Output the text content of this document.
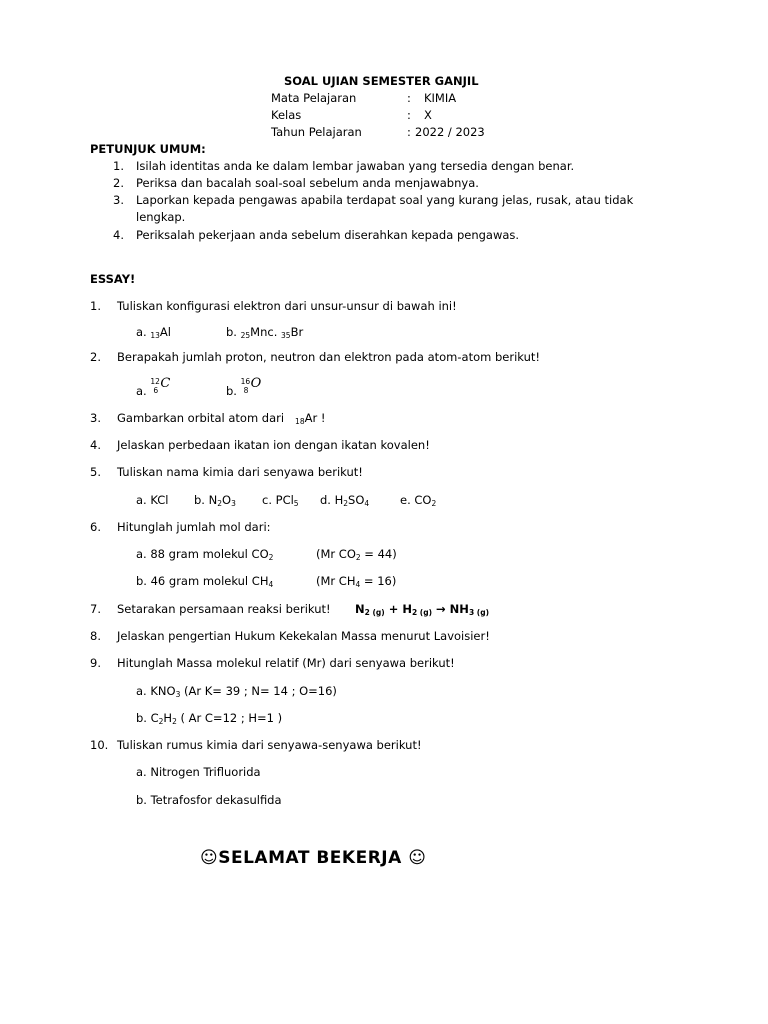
SOAL UJIAN SEMESTER GANJIL
Mata Pelajaran	: KIMIA
Kelas	: X
Tahun Pelajaran	: 2022 / 2023
PETUNJUK UMUM:
1. Isilah identitas anda ke dalam lembar jawaban yang tersedia dengan benar.
2. Periksa dan bacalah soal-soal sebelum anda menjawabnya.
3. Laporkan kepada pengawas apabila terdapat soal yang kurang jelas, rusak, atau tidak
lengkap.
4. Periksalah pekerjaan anda sebelum diserahkan kepada pengawas.
ESSAY!
1. Tuliskan konfigurasi elektron dari unsur-unsur di bawah ini!
a. $_{13}$Al	b. $_{25}$Mnc. $_{35}$Br
2. Berapakah jumlah proton, neutron dan elektron pada atom-atom berikut!
a.
12
6 C	b.
16
8 O
3. Gambarkan orbital atom dari $_{18}$Ar !
4. Jelaskan perbedaan ikatan ion dengan ikatan kovalen!
5. Tuliskan nama kimia dari senyawa berikut!
a. KCl b. $N_2O_3$ c. PCl$_5$ d. $H_2SO_4$	e. $CO_2$
6. Hitunglah jumlah mol dari:
a. 88 gram molekul $CO_2$	(Mr $CO_2 = 44$)
b. 46 gram molekul $CH_4$	(Mr $CH_4 = 16$)
7. Setarakan persamaan reaksi berikut! $N_{2 (g)} + H_{2 (g)} \to NH_{3 (g)}$
8. Jelaskan pengertian Hukum Kekekalan Massa menurut Lavoisier!
9. Hitunglah Massa molekul relatif (Mr) dari senyawa berikut!
a. $KNO_3$ (Ar K= 39 ; N= 14 ; O=16)
b. $C_2H_2$ ( Ar C=12 ; H=1 )
10. Tuliskan rumus kimia dari senyawa-senyawa berikut!
a. Nitrogen Trifluorida
b. Tetrafosfor dekasulfida
☺SELAMAT BEKERJA ☺
